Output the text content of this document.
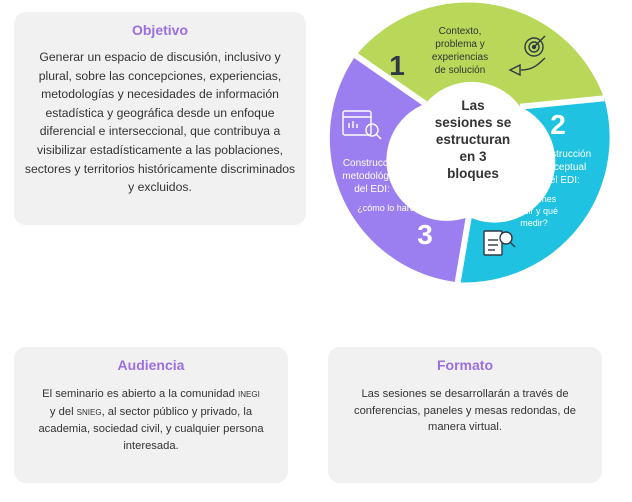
Objetivo
Generar un espacio de discusión, inclusivo y plural, sobre las concepciones, experiencias, metodologías y necesidades de información estadística y geográfica desde un enfoque diferencial e interseccional, que contribuya a visibilizar estadísticamente a las poblaciones, sectores y territorios históricamente discriminados y excluidos.
Las
sesiones se
estructuran
en 3
bloques
1
Contexto,
problema y
experiencias
de solución
2
Construcción
conceptual
del EDI:
¿a quiénes
incluir y qué
medir?
Construcción
metodológica
del EDI:
¿cómo lo haremos?
3
Audiencia
El seminario es abierto a la comunidad INEGI
y del SNIEG, al sector público y privado, la
academia, sociedad civil, y cualquier persona
interesada.
Formato
Las sesiones se desarrollarán a través de conferencias, paneles y mesas redondas, de manera virtual.
